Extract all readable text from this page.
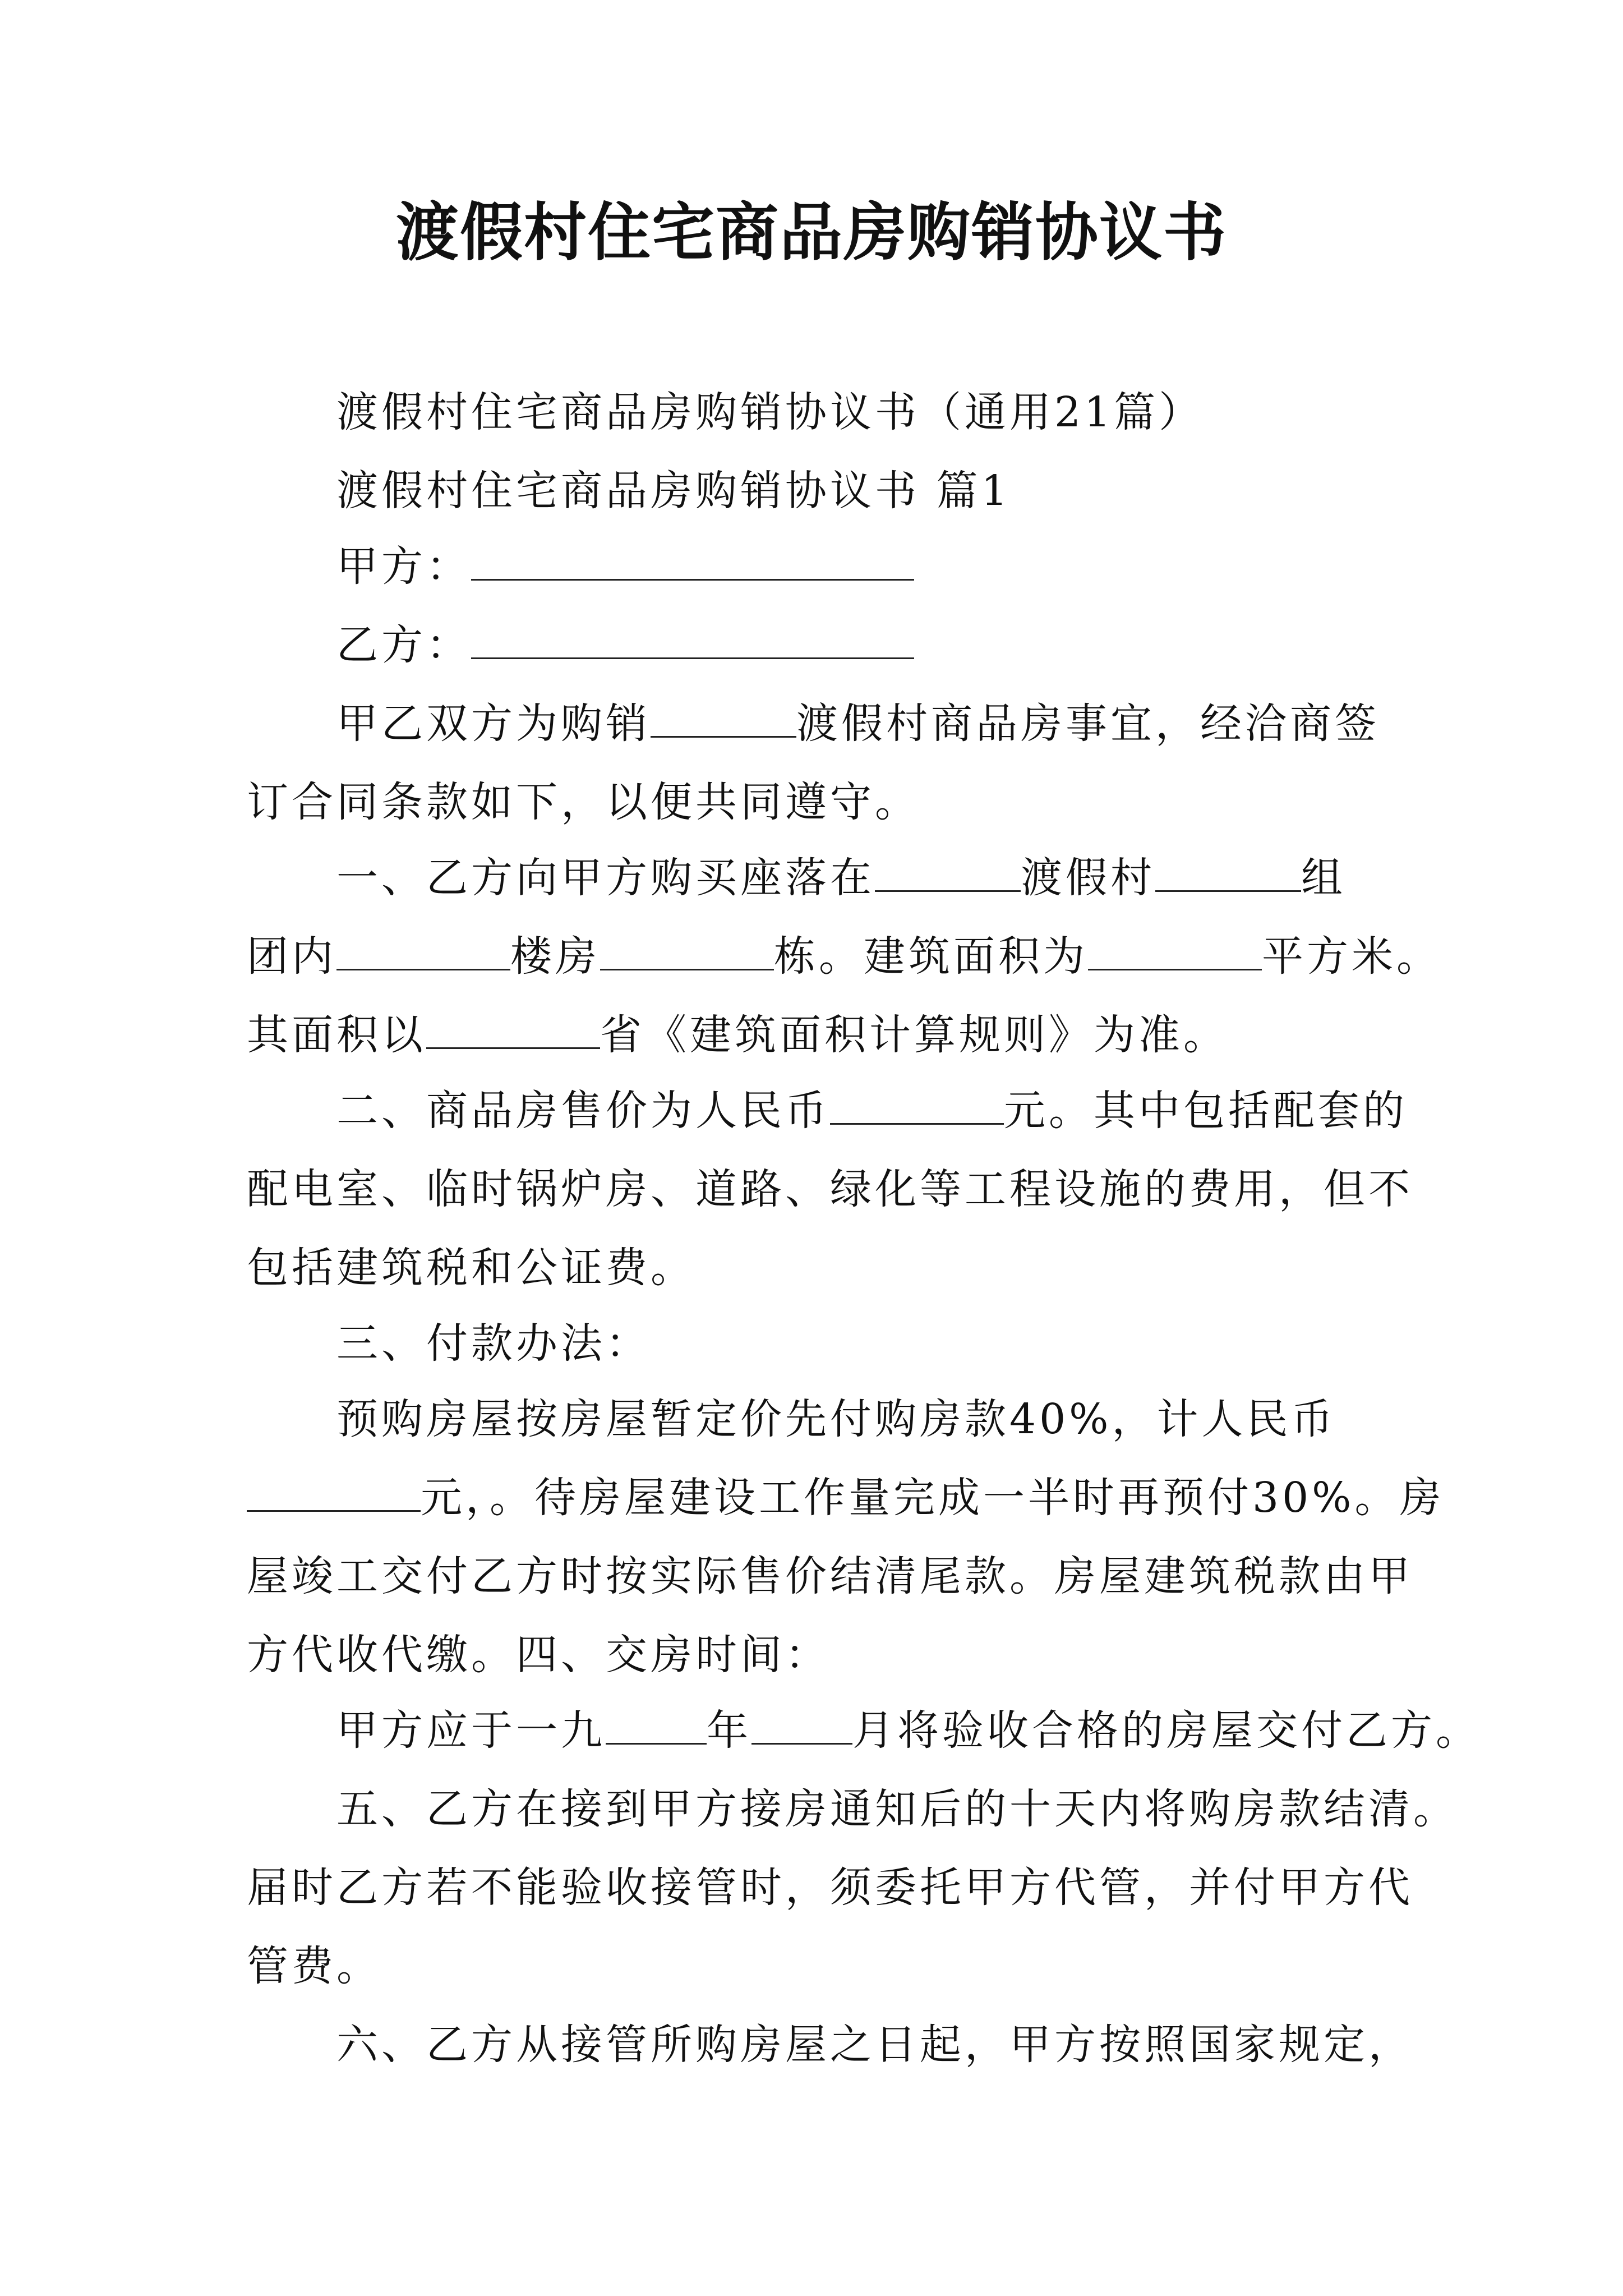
渡假村住宅商品房购销协议书
渡假村住宅商品房购销协议书（通用21篇）
渡假村住宅商品房购销协议书 篇1
甲方：
乙方：
甲乙双方为购销	渡假村商品房事宜，经洽商签
订合同条款如下，以便共同遵守。
一、乙方向甲方购买座落在	渡假村	组
团内	楼房	栋。建筑面积为	平方米。
其面积以	省《建筑面积计算规则》为准。
二、商品房售价为人民币	元。其中包括配套的
配电室、临时锅炉房、道路、绿化等工程设施的费用，但不
包括建筑税和公证费。
三、付款办法：
预购房屋按房屋暂定价先付购房款40%，计人民币
元，。待房屋建设工作量完成一半时再预付30%。房
屋竣工交付乙方时按实际售价结清尾款。房屋建筑税款由甲
方代收代缴。四、交房时间：
甲方应于一九 年 月将验收合格的房屋交付乙方。
五、乙方在接到甲方接房通知后的十天内将购房款结清。
届时乙方若不能验收接管时，须委托甲方代管，并付甲方代
管费。
六、乙方从接管所购房屋之日起，甲方按照国家规定，
